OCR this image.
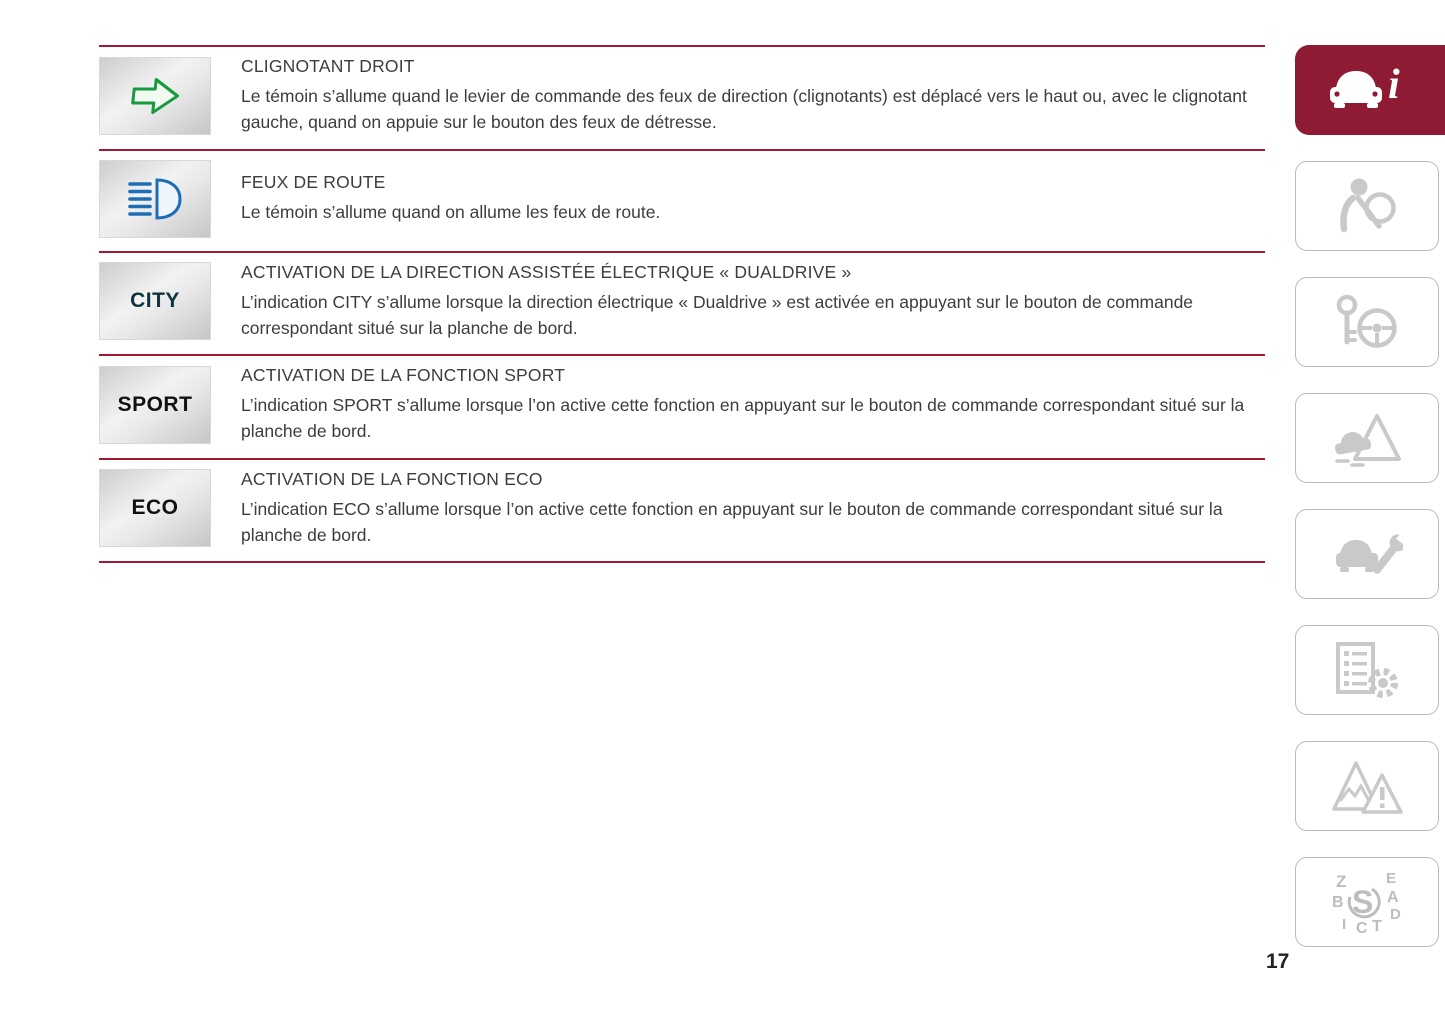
CLIGNOTANT DROIT

Le témoin s’allume quand le levier de commande des feux de direction (clignotants) est déplacé vers le haut ou, avec le clignotant gauche, quand on appuie sur le bouton des feux de détresse.

FEUX DE ROUTE

Le témoin s’allume quand on allume les feux de route.

CITY
ACTIVATION DE LA DIRECTION ASSISTÉE ÉLECTRIQUE « DUALDRIVE »

L’indication CITY s’allume lorsque la direction électrique « Dualdrive » est activée en appuyant sur le bouton de commande correspondant situé sur la planche de bord.

SPORT
ACTIVATION DE LA FONCTION SPORT

L’indication SPORT s’allume lorsque l’on active cette fonction en appuyant sur le bouton de commande correspondant situé sur la planche de bord.

ECO
ACTIVATION DE LA FONCTION ECO

L’indication ECO s’allume lorsque l’on active cette fonction en appuyant sur le bouton de commande correspondant situé sur la planche de bord.

i
Z	E
B	A
D
I C T
S
17
